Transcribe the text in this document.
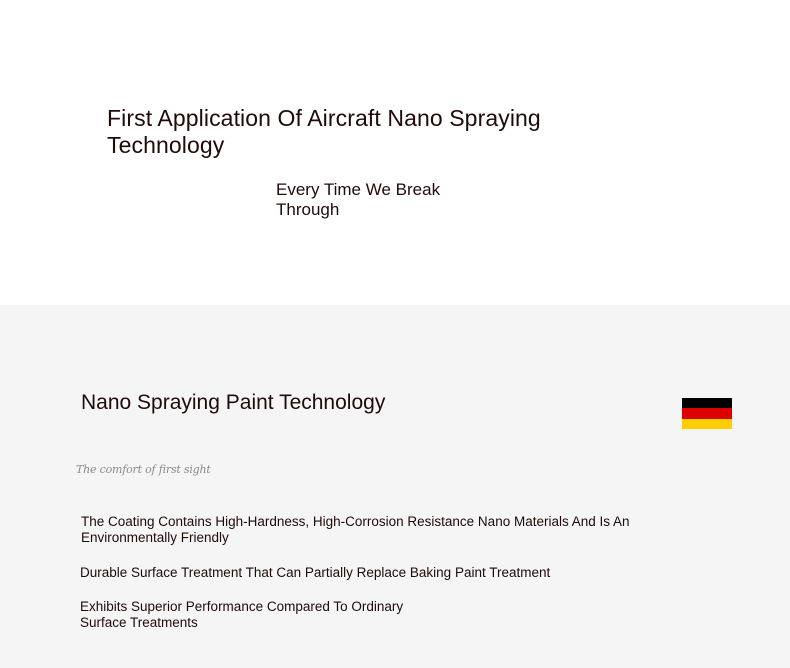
First Application Of Aircraft Nano Spraying Technology
Every Time We Break Through
Nano Spraying Paint Technology
The comfort of first sight

The Coating Contains High-Hardness, High-Corrosion Resistance Nano Materials And Is An Environmentally Friendly

Durable Surface Treatment That Can Partially Replace Baking Paint Treatment

Exhibits Superior Performance Compared To Ordinary Surface Treatments
